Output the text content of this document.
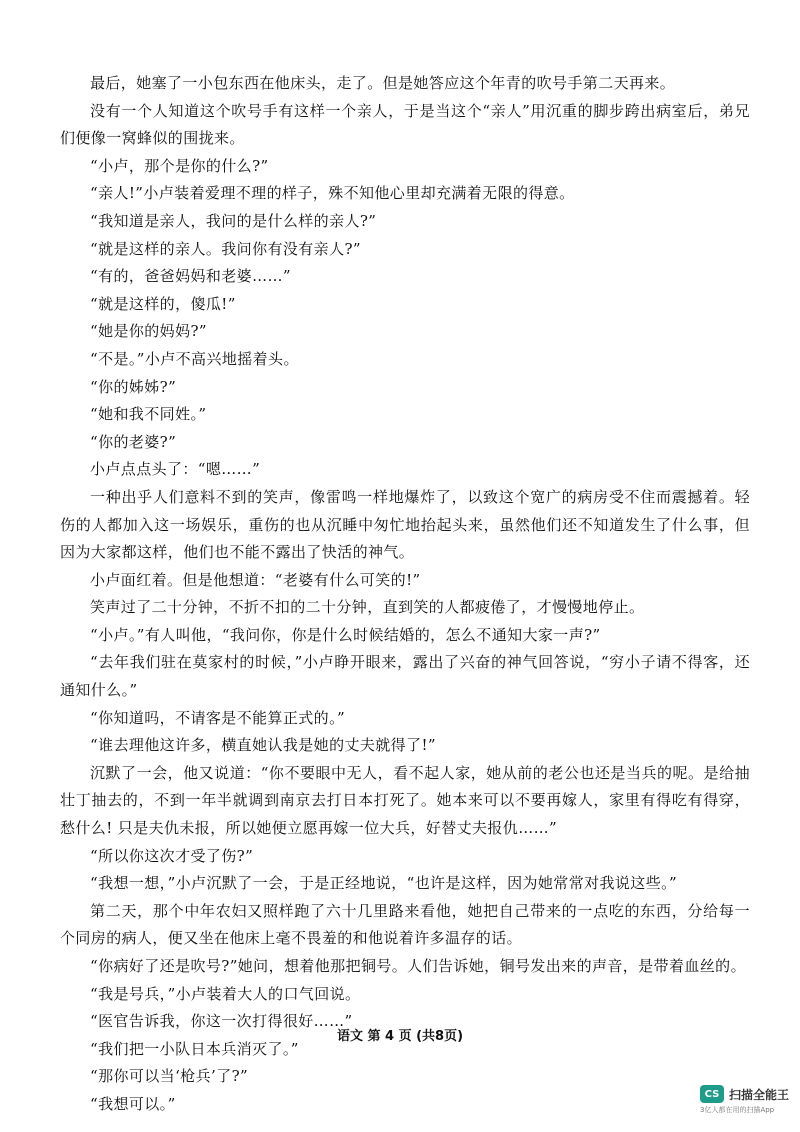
最后，她塞了一小包东西在他床头，走了。但是她答应这个年青的吹号手第二天再来。

没有一个人知道这个吹号手有这样一个亲人，于是当这个“亲人”用沉重的脚步跨出病室后，弟兄们便像一窝蜂似的围拢来。

“小卢，那个是你的什么?”

“亲人!”小卢装着爱理不理的样子，殊不知他心里却充满着无限的得意。

“我知道是亲人，我问的是什么样的亲人?”

“就是这样的亲人。我问你有没有亲人?”

“有的，爸爸妈妈和老婆……”

“就是这样的，傻瓜!”

“她是你的妈妈?”

“不是。”小卢不高兴地摇着头。

“你的姊姊?”

“她和我不同姓。”

“你的老婆?”

小卢点点头了：“嗯……”

一种出乎人们意料不到的笑声，像雷鸣一样地爆炸了，以致这个宽广的病房受不住而震撼着。轻伤的人都加入这一场娱乐，重伤的也从沉睡中匆忙地抬起头来，虽然他们还不知道发生了什么事，但因为大家都这样，他们也不能不露出了快活的神气。

小卢面红着。但是他想道：“老婆有什么可笑的!”

笑声过了二十分钟，不折不扣的二十分钟，直到笑的人都疲倦了，才慢慢地停止。

“小卢。”有人叫他，“我问你，你是什么时候结婚的，怎么不通知大家一声?”

“去年我们驻在莫家村的时候，”小卢睁开眼来，露出了兴奋的神气回答说，“穷小子请不得客，还通知什么。”

“你知道吗，不请客是不能算正式的。”

“谁去理他这许多，横直她认我是她的丈夫就得了!”

沉默了一会，他又说道：“你不要眼中无人，看不起人家，她从前的老公也还是当兵的呢。是给抽壮丁抽去的，不到一年半就调到南京去打日本打死了。她本来可以不要再嫁人，家里有得吃有得穿，愁什么! 只是夫仇未报，所以她便立愿再嫁一位大兵，好替丈夫报仇……”

“所以你这次才受了伤?”

“我想一想，”小卢沉默了一会，于是正经地说，“也许是这样，因为她常常对我说这些。”

第二天，那个中年农妇又照样跑了六十几里路来看他，她把自己带来的一点吃的东西，分给每一个同房的病人，便又坐在他床上毫不畏羞的和他说着许多温存的话。

“你病好了还是吹号?”她问，想着他那把铜号。人们告诉她，铜号发出来的声音，是带着血丝的。

“我是号兵，”小卢装着大人的口气回说。

“医官告诉我，你这一次打得很好……”

“我们把一小队日本兵消灭了。”

“那你可以当‘枪兵’了?”

“我想可以。”

语文 第 4 页 (共8页)
CS 扫描全能王
3亿人都在用的扫描App
